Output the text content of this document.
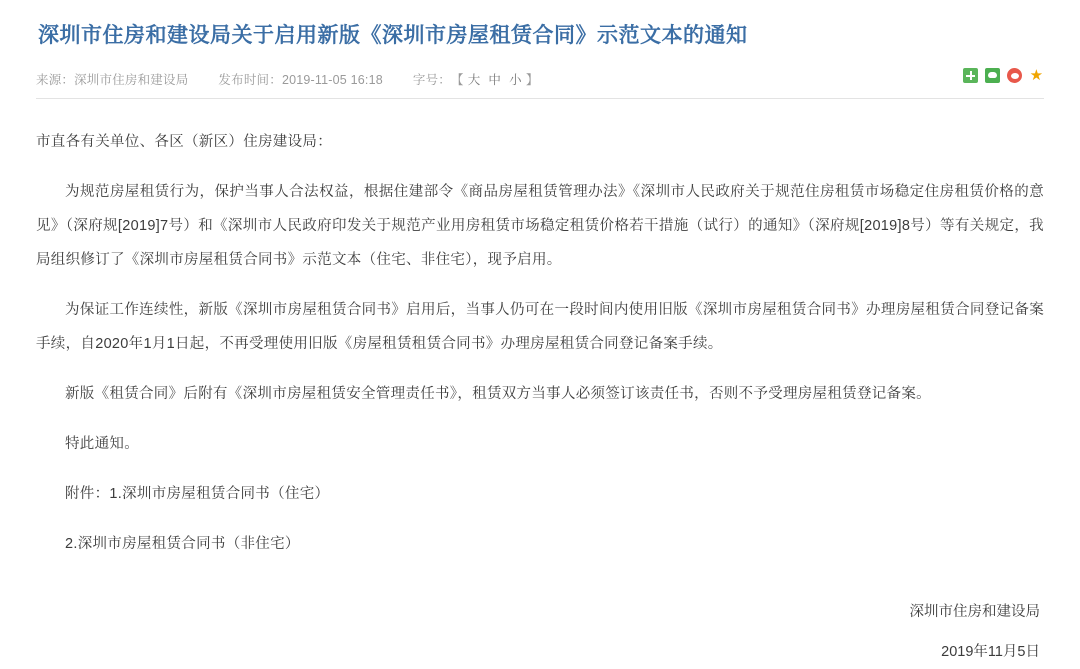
深圳市住房和建设局关于启用新版《深圳市房屋租赁合同》示范文本的通知
来源：深圳市住房和建设局 发布时间：2019-11-05 16:18 字号： 【 大 中 小 】	★

市直各有关单位、各区（新区）住房建设局：

为规范房屋租赁行为，保护当事人合法权益，根据住建部令《商品房屋租赁管理办法》《深圳市人民政府关于规范住房租赁市场稳定住房租赁价格的意见》（深府规[2019]7号）和《深圳市人民政府印发关于规范产业用房租赁市场稳定租赁价格若干措施（试行）的通知》（深府规[2019]8号）等有关规定，我局组织修订了《深圳市房屋租赁合同书》示范文本（住宅、非住宅），现予启用。

为保证工作连续性，新版《深圳市房屋租赁合同书》启用后，当事人仍可在一段时间内使用旧版《深圳市房屋租赁合同书》办理房屋租赁合同登记备案手续，自2020年1月1日起，不再受理使用旧版《房屋租赁租赁合同书》办理房屋租赁合同登记备案手续。

新版《租赁合同》后附有《深圳市房屋租赁安全管理责任书》，租赁双方当事人必须签订该责任书，否则不予受理房屋租赁登记备案。

特此通知。

附件：1.深圳市房屋租赁合同书（住宅）

2.深圳市房屋租赁合同书（非住宅）

深圳市住房和建设局
2019年11月5日
